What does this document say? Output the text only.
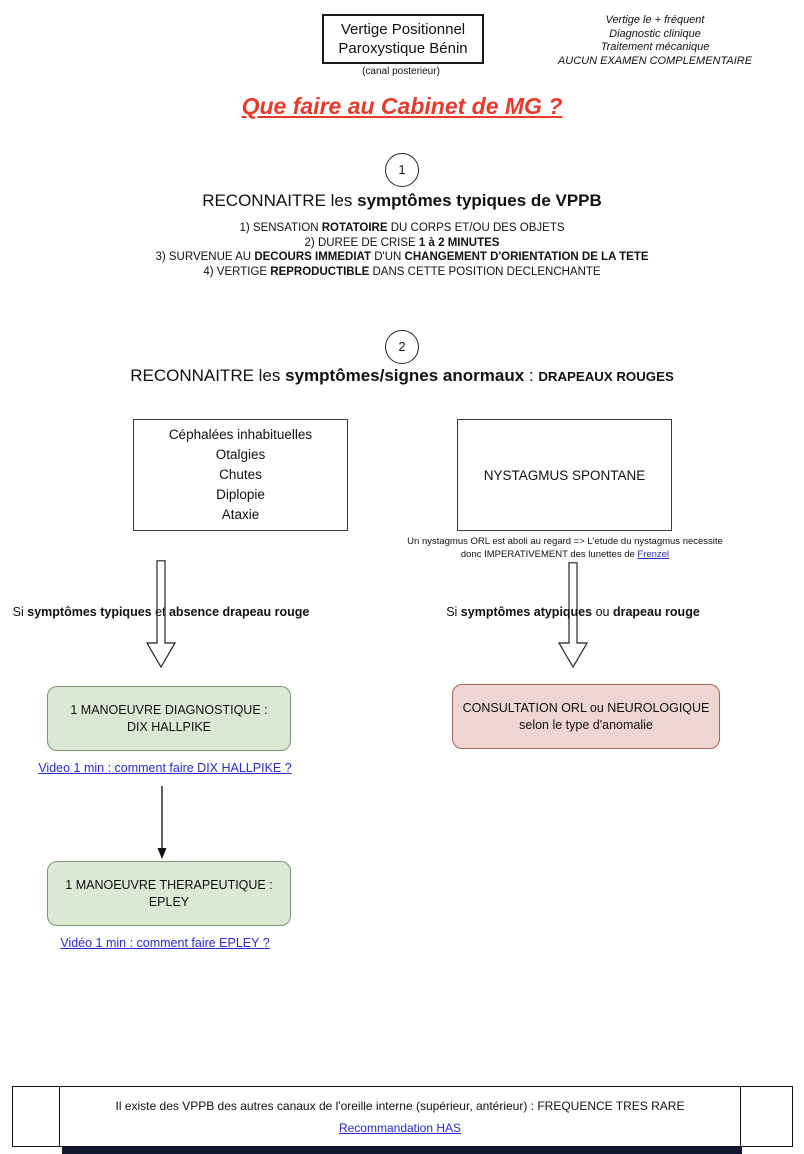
Vertige Positionnel
Paroxystique Bénin
(canal posterieur)
Vertige le + fréquent
Diagnostic clinique
Traitement mécanique
AUCUN EXAMEN COMPLEMENTAIRE
Que faire au Cabinet de MG ?
1
RECONNAITRE les symptômes typiques de VPPB
1) SENSATION ROTATOIRE DU CORPS ET/OU DES OBJETS
2) DUREE DE CRISE 1 à 2 MINUTES
3) SURVENUE AU DECOURS IMMEDIAT D'UN CHANGEMENT D'ORIENTATION DE LA TETE
4) VERTIGE REPRODUCTIBLE DANS CETTE POSITION DECLENCHANTE
2
RECONNAITRE les symptômes/signes anormaux : DRAPEAUX ROUGES
Céphalées inhabituelles
Otalgies
Chutes
Diplopie
Ataxie
NYSTAGMUS SPONTANE
Un nystagmus ORL est aboli au regard => L'etude du nystagmus necessite
donc IMPERATIVEMENT des lunettes de Frenzel
Si symptômes typiques et absence drapeau rouge	Si symptômes atypiques ou drapeau rouge
1 MANOEUVRE DIAGNOSTIQUE : DIX HALLPIKE
Video 1 min : comment faire DIX HALLPIKE ?
1 MANOEUVRE THERAPEUTIQUE : EPLEY
Vidéo 1 min : comment faire EPLEY ?
CONSULTATION ORL ou NEUROLOGIQUE
selon le type d'anomalie
Il existe des VPPB des autres canaux de l'oreille interne (supérieur, antérieur) : FREQUENCE TRES RARE
Recommandation HAS
